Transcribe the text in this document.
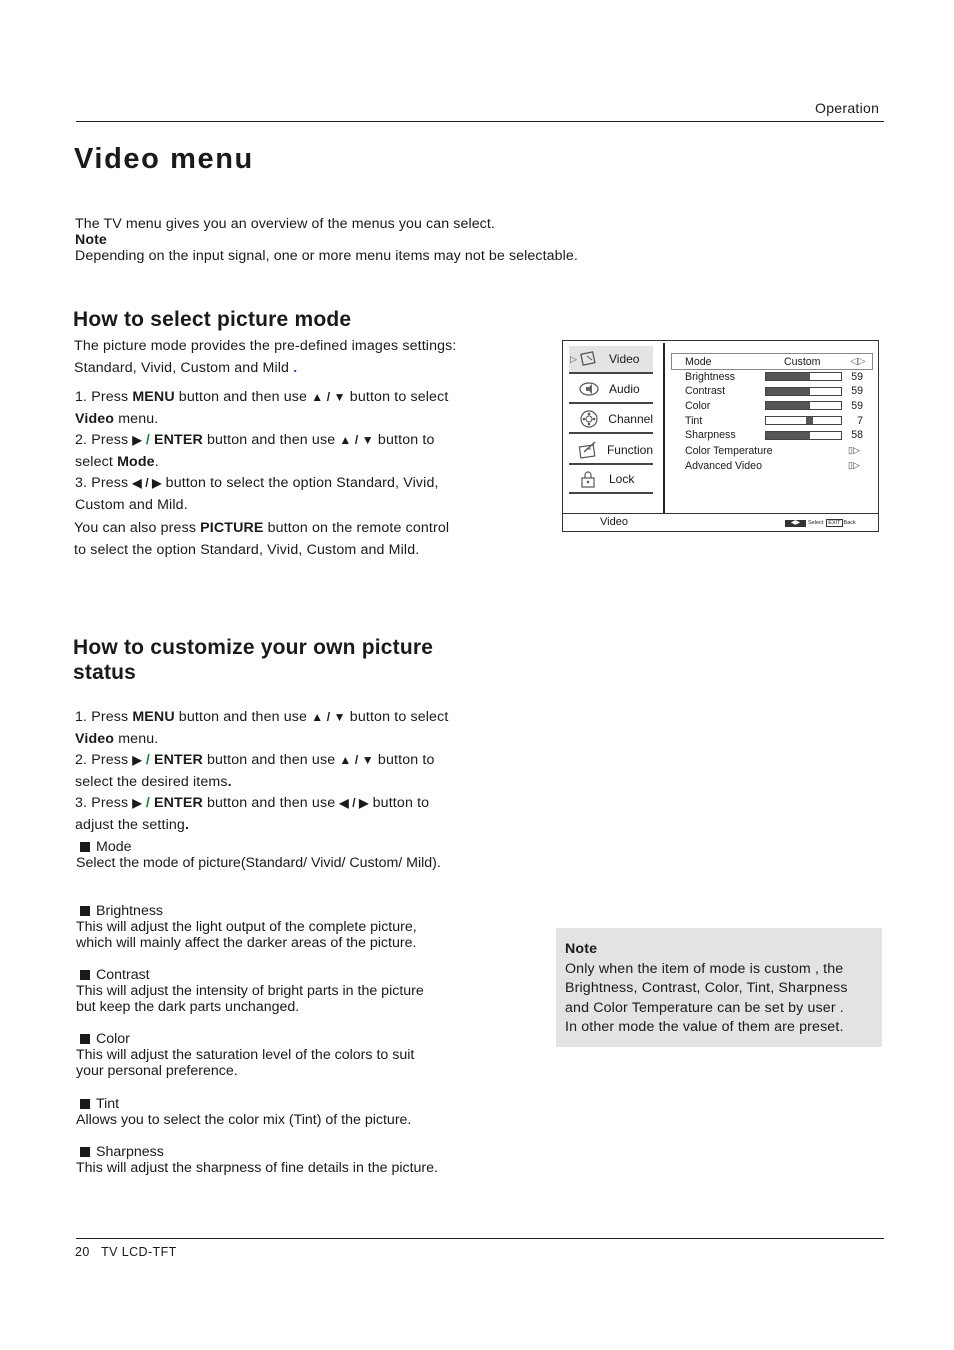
Operation
Video menu
The TV menu gives you an overview of the menus you can select.
Note
Depending on the input signal, one or more menu items may not be selectable.
How to select picture mode
The picture mode provides the pre-defined images settings:
Standard, Vivid, Custom and Mild .
1. Press MENU button and then use ▲ / ▼ button to select
Video menu.
2. Press ▶ / ENTER button and then use ▲ / ▼ button to
select Mode.
3. Press ◀ / ▶ button to select the option Standard, Vivid,
Custom and Mild.
You can also press PICTURE button on the remote control
to select the option Standard, Vivid, Custom and Mild.
▷	Video
Audio
Channel
Function
Lock
Mode	Custom	◁▷
Brightness	59
Contrast	59
Color	59
Tint	7
Sharpness	58
Color Temperature	▯▷
Advanced Video	▯▷
Video	◀▶	Select EXIT Back
How to customize your own picture
status
1. Press MENU button and then use ▲ / ▼ button to select
Video menu.
2. Press ▶ / ENTER button and then use ▲ / ▼ button to
select the desired items.
3. Press ▶ / ENTER button and then use ◀ / ▶ button to
adjust the setting.
Mode
Select the mode of picture(Standard/ Vivid/ Custom/ Mild).
Brightness
This will adjust the light output of the complete picture,
which will mainly affect the darker areas of the picture.
Contrast
This will adjust the intensity of bright parts in the picture
but keep the dark parts unchanged.
Color
This will adjust the saturation level of the colors to suit
your personal preference.
Tint
Allows you to select the color mix (Tint) of the picture.
Sharpness
This will adjust the sharpness of fine details in the picture.
Note
Only when the item of mode is custom , the
Brightness, Contrast, Color, Tint, Sharpness
and Color Temperature can be set by user .
In other mode the value of them are preset.
20 TV LCD-TFT
